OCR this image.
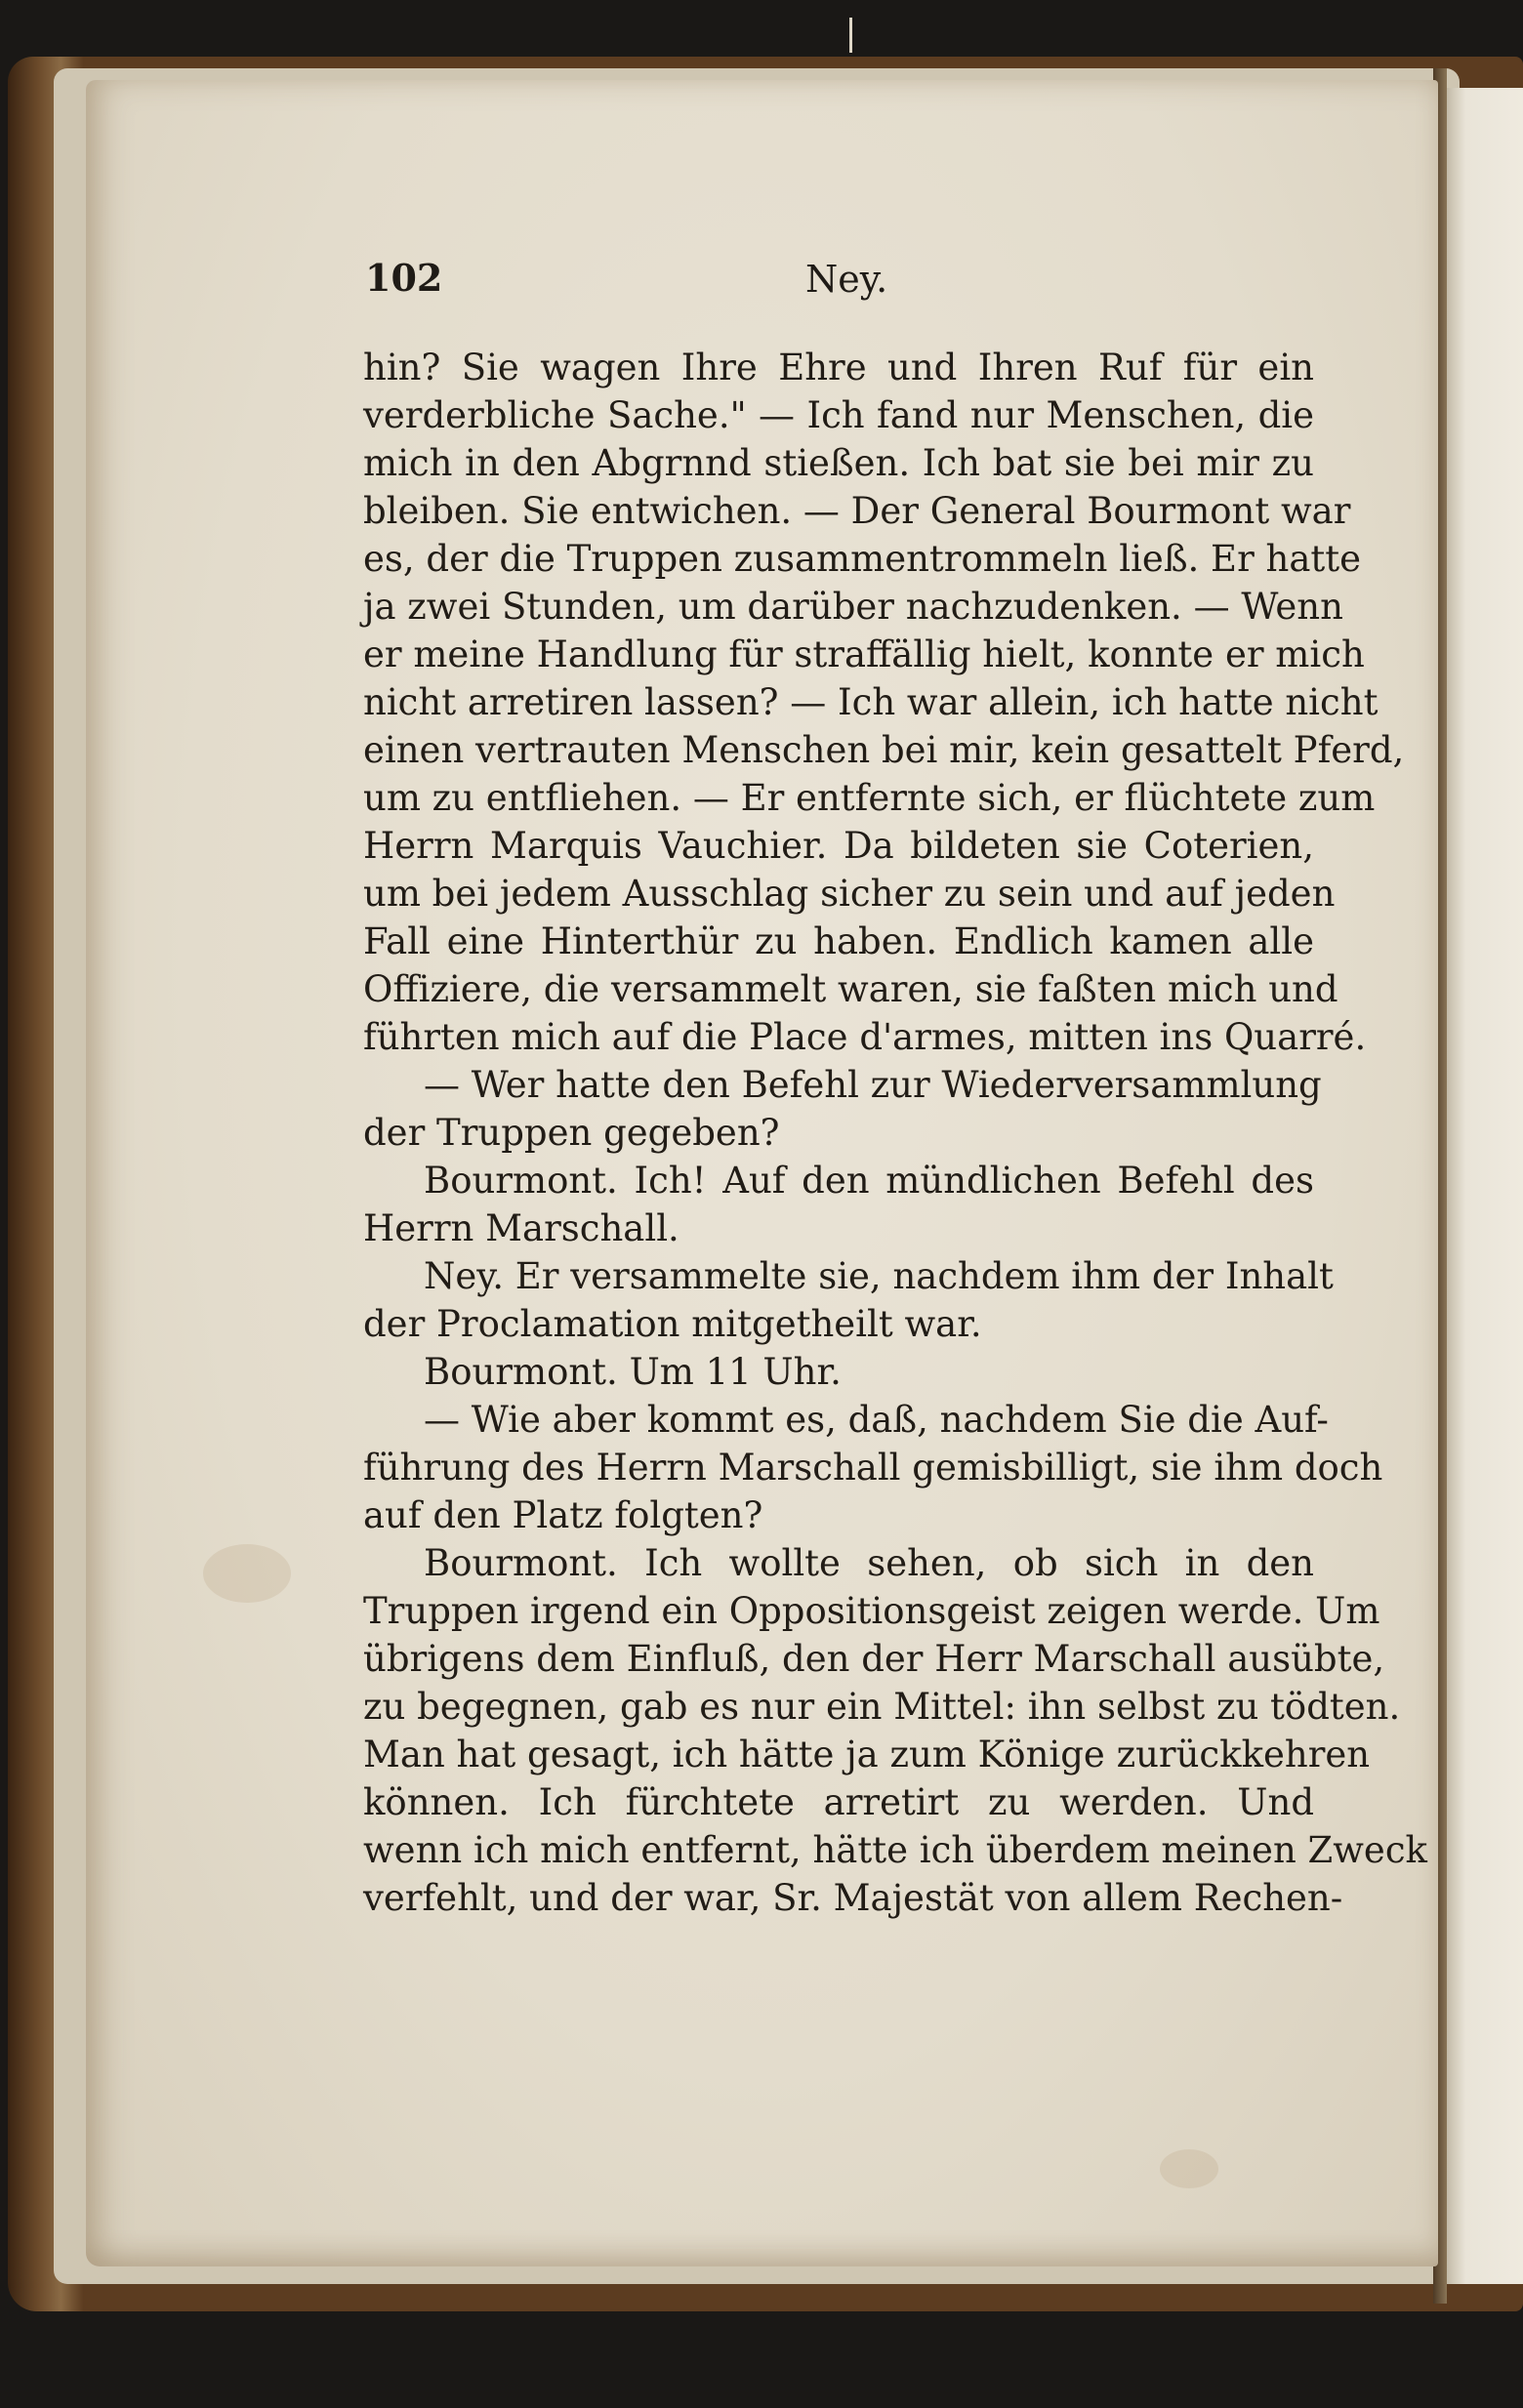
102	Ney.
hin? Sie wagen Ihre Ehre und Ihren Ruf für ein
verderbliche Sache." — Ich fand nur Menschen, die
mich in den Abgrnnd stießen. Ich bat sie bei mir zu
bleiben. Sie entwichen. — Der General Bourmont war
es, der die Truppen zusammentrommeln ließ. Er hatte
ja zwei Stunden, um darüber nachzudenken. — Wenn
er meine Handlung für straffällig hielt, konnte er mich
nicht arretiren lassen? — Ich war allein, ich hatte nicht
einen vertrauten Menschen bei mir, kein gesattelt Pferd,
um zu entfliehen. — Er entfernte sich, er flüchtete zum
Herrn Marquis Vauchier. Da bildeten sie Coterien,
um bei jedem Ausschlag sicher zu sein und auf jeden
Fall eine Hinterthür zu haben. Endlich kamen alle
Offiziere, die versammelt waren, sie faßten mich und
führten mich auf die Place d'armes, mitten ins Quarré.
— Wer hatte den Befehl zur Wiederversammlung
der Truppen gegeben?
Bourmont. Ich! Auf den mündlichen Befehl des
Herrn Marschall.
Ney. Er versammelte sie, nachdem ihm der Inhalt
der Proclamation mitgetheilt war.
Bourmont. Um 11 Uhr.
— Wie aber kommt es, daß, nachdem Sie die Auf-
führung des Herrn Marschall gemisbilligt, sie ihm doch
auf den Platz folgten?
Bourmont. Ich wollte sehen, ob sich in den
Truppen irgend ein Oppositionsgeist zeigen werde. Um
übrigens dem Einfluß, den der Herr Marschall ausübte,
zu begegnen, gab es nur ein Mittel: ihn selbst zu tödten.
Man hat gesagt, ich hätte ja zum Könige zurückkehren
können. Ich fürchtete arretirt zu werden. Und
wenn ich mich entfernt, hätte ich überdem meinen Zweck
verfehlt, und der war, Sr. Majestät von allem Rechen-
